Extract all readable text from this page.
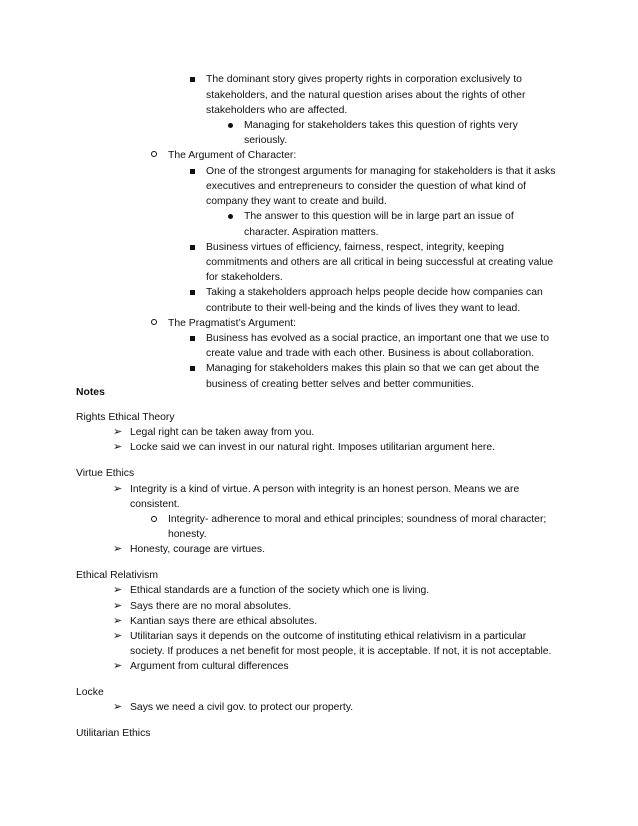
The dominant story gives property rights in corporation exclusively to
stakeholders, and the natural question arises about the rights of other
stakeholders who are affected.
Managing for stakeholders takes this question of rights very
seriously.
The Argument of Character:
One of the strongest arguments for managing for stakeholders is that it asks
executives and entrepreneurs to consider the question of what kind of
company they want to create and build.
The answer to this question will be in large part an issue of
character. Aspiration matters.
Business virtues of efficiency, fairness, respect, integrity, keeping
commitments and others are all critical in being successful at creating value
for stakeholders.
Taking a stakeholders approach helps people decide how companies can
contribute to their well-being and the kinds of lives they want to lead.
The Pragmatist’s Argument:
Business has evolved as a social practice, an important one that we use to
create value and trade with each other. Business is about collaboration.
Managing for stakeholders makes this plain so that we can get about the
business of creating better selves and better communities.
Notes
Rights Ethical Theory
➢ Legal right can be taken away from you.
➢ Locke said we can invest in our natural right. Imposes utilitarian argument here.
Virtue Ethics
➢ Integrity is a kind of virtue. A person with integrity is an honest person. Means we are
consistent.
Integrity- adherence to moral and ethical principles; soundness of moral character;
honesty.
➢ Honesty, courage are virtues.
Ethical Relativism
➢ Ethical standards are a function of the society which one is living.
➢ Says there are no moral absolutes.
➢ Kantian says there are ethical absolutes.
➢ Utilitarian says it depends on the outcome of instituting ethical relativism in a particular
society. If produces a net benefit for most people, it is acceptable. If not, it is not acceptable.
➢ Argument from cultural differences
Locke
➢ Says we need a civil gov. to protect our property.
Utilitarian Ethics
